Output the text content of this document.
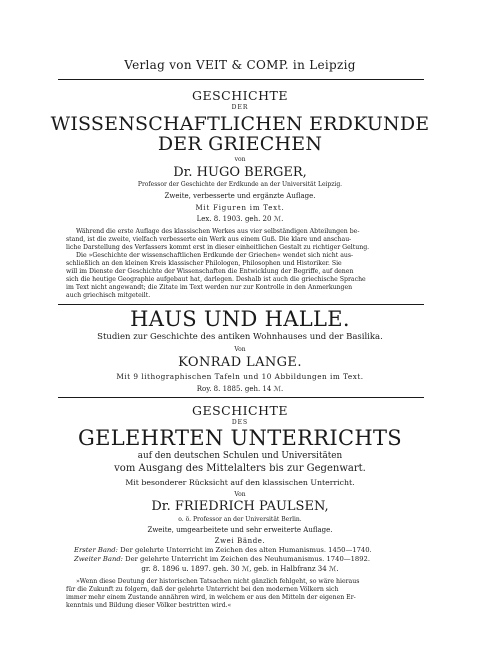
Verlag von VEIT & COMP. in Leipzig
GESCHICHTE
DER
WISSENSCHAFTLICHEN ERDKUNDE
DER GRIECHEN
von
Dr. HUGO BERGER,
Professor der Geschichte der Erdkunde an der Universität Leipzig.
Zweite, verbesserte und ergänzte Auflage.
Mit Figuren im Text.
Lex. 8. 1903. geh. 20 ℳ.
Während die erste Auflage des klassischen Werkes aus vier selbständigen Abteilungen be-
stand, ist die zweite, vielfach verbesserte ein Werk aus einem Guß. Die klare und anschau-
liche Darstellung des Verfassers kommt erst in dieser einheitlichen Gestalt zu richtiger Geltung.
Die »Geschichte der wissenschaftlichen Erdkunde der Griechen« wendet sich nicht aus-
schließlich an den kleinen Kreis klassischer Philologen, Philosophen und Historiker. Sie
will im Dienste der Geschichte der Wissenschaften die Entwicklung der Begriffe, auf denen
sich die heutige Geographie aufgebaut hat, darlegen. Deshalb ist auch die griechische Sprache
im Text nicht angewandt; die Zitate im Text werden nur zur Kontrolle in den Anmerkungen
auch griechisch mitgeteilt.
HAUS UND HALLE.
Studien zur Geschichte des antiken Wohnhauses und der Basilika.
Von
KONRAD LANGE.
Mit 9 lithographischen Tafeln und 10 Abbildungen im Text.
Roy. 8. 1885. geh. 14 ℳ.
GESCHICHTE
DES
GELEHRTEN UNTERRICHTS
auf den deutschen Schulen und Universitäten
vom Ausgang des Mittelalters bis zur Gegenwart.
Mit besonderer Rücksicht auf den klassischen Unterricht.
Von
Dr. FRIEDRICH PAULSEN,
o. ö. Professor an der Universität Berlin.
Zweite, umgearbeitete und sehr erweiterte Auflage.
Zwei Bände.
Erster Band: Der gelehrte Unterricht im Zeichen des alten Humanismus. 1450—1740.
Zweiter Band: Der gelehrte Unterricht im Zeichen des Neuhumanismus. 1740—1892.
gr. 8. 1896 u. 1897. geh. 30 ℳ, geb. in Halbfranz 34 ℳ.
»Wenn diese Deutung der historischen Tatsachen nicht gänzlich fehlgeht, so wäre hieraus
für die Zukunft zu folgern, daß der gelehrte Unterricht bei den modernen Völkern sich
immer mehr einem Zustande annähren wird, in welchem er aus den Mitteln der eigenen Er-
kenntnis und Bildung dieser Völker bestritten wird.«
